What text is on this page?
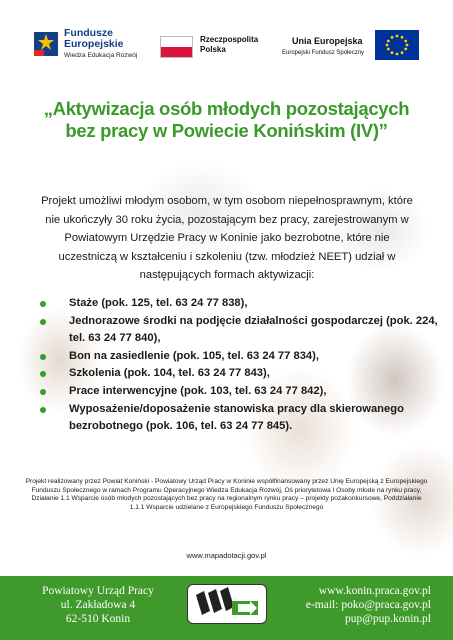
Fundusze
Europejskie
Wiedza Edukacja Rozwój
Rzeczpospolita
Polska
Unia Europejska
Europejski Fundusz Społeczny
„Aktywizacja osób młodych pozostających
bez pracy w Powiecie Konińskim (IV)”
Projekt umożliwi młodym osobom, w tym osobom niepełnosprawnym, które nie ukończyły 30 roku życia, pozostającym bez pracy, zarejestrowanym w Powiatowym Urzędzie Pracy w Koninie jako bezrobotne, które nie uczestniczą w kształceniu i szkoleniu (tzw. młodzież NEET) udział w następujących formach aktywizacji:
Staże (pok. 125, tel. 63 24 77 838),
Jednorazowe środki na podjęcie działalności gospodarczej (pok. 224, tel. 63 24 77 840),
Bon na zasiedlenie (pok. 105, tel. 63 24 77 834),
Szkolenia (pok. 104, tel. 63 24 77 843),
Prace interwencyjne (pok. 103, tel. 63 24 77 842),
Wyposażenie/doposażenie stanowiska pracy dla skierowanego bezrobotnego (pok. 106, tel. 63 24 77 845).
Projekt realizowany przez Powiat Koniński - Powiatowy Urząd Pracy w Koninie współfinansowany przez Unię Europejską z Europejskiego Funduszu Społecznego w ramach Programu Operacyjnego Wiedza Edukacja Rozwój, Oś priorytetowa I Osoby młode na rynku pracy, Działanie 1.1 Wsparcie osób młodych pozostających bez pracy na regionalnym rynku pracy – projekty pozakonkursowe, Poddziałanie 1.1.1 Wsparcie udzielane z Europejskiego Funduszu Społecznego
www.mapadotacji.gov.pl
Powiatowy Urząd Pracy
ul. Zakładowa 4
62-510 Konin
www.konin.praca.gov.pl
e-mail: poko@praca.gov.pl
pup@pup.konin.pl
